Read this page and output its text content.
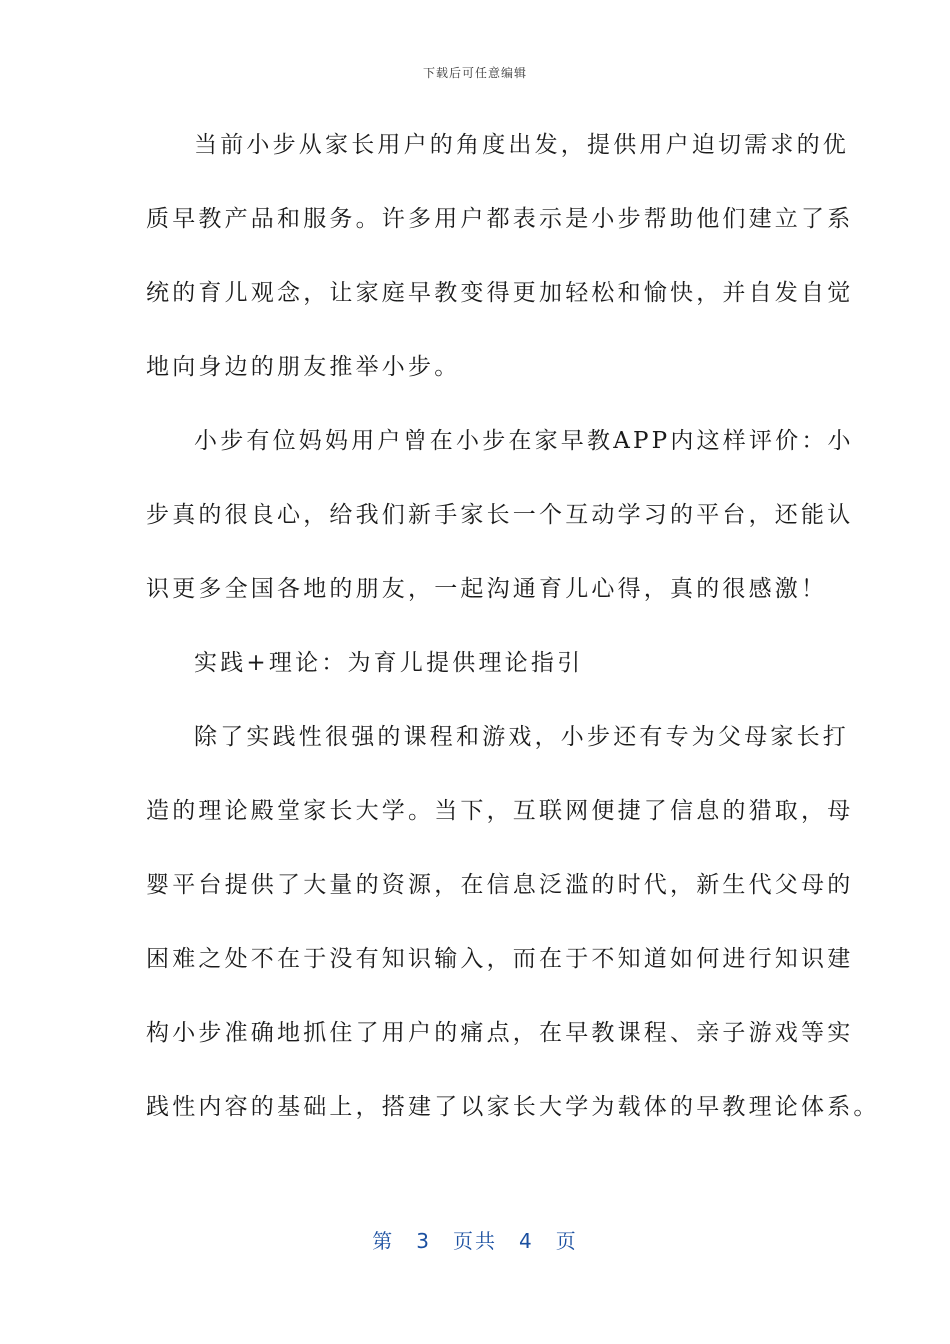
下载后可任意编辑

当前小步从家长用户的角度出发，提供用户迫切需求的优
质早教产品和服务。许多用户都表示是小步帮助他们建立了系
统的育儿观念，让家庭早教变得更加轻松和愉快，并自发自觉
地向身边的朋友推举小步。

小步有位妈妈用户曾在小步在家早教APP内这样评价：小
步真的很良心，给我们新手家长一个互动学习的平台，还能认
识更多全国各地的朋友，一起沟通育儿心得，真的很感激！

实践+理论：为育儿提供理论指引

除了实践性很强的课程和游戏，小步还有专为父母家长打
造的理论殿堂家长大学。当下，互联网便捷了信息的猎取，母
婴平台提供了大量的资源，在信息泛滥的时代，新生代父母的
困难之处不在于没有知识输入，而在于不知道如何进行知识建
构小步准确地抓住了用户的痛点，在早教课程、亲子游戏等实
践性内容的基础上，搭建了以家长大学为载体的早教理论体系。

第 3 页共 4 页
